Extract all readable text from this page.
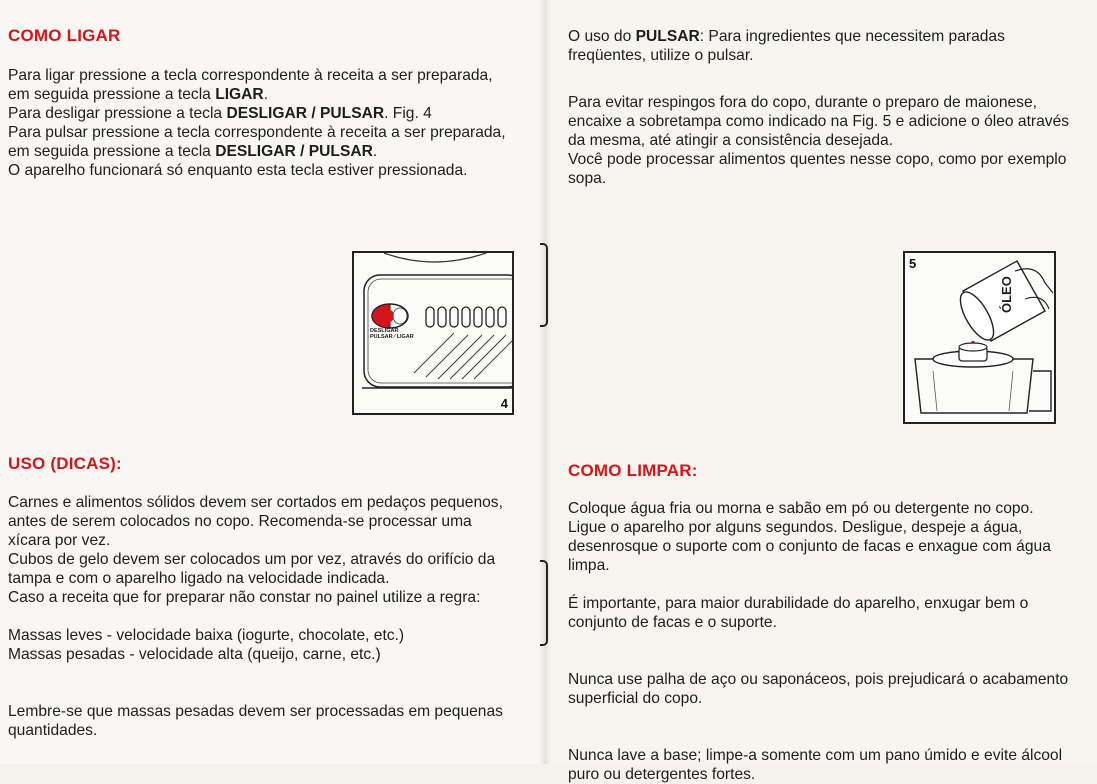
COMO LIGAR

Para ligar pressione a tecla correspondente à receita a ser preparada, em seguida pressione a tecla LIGAR.

Para desligar pressione a tecla DESLIGAR / PULSAR. Fig. 4

Para pulsar pressione a tecla correspondente à receita a ser preparada, em seguida pressione a tecla DESLIGAR / PULSAR.

O aparelho funcionará só enquanto esta tecla estiver pressionada.

DESLIGAR
PULSAR ⁄ LIGAR
4
USO (DICAS):

Carnes e alimentos sólidos devem ser cortados em pedaços pequenos, antes de serem colocados no copo. Recomenda-se processar uma xícara por vez.

Cubos de gelo devem ser colocados um por vez, através do orifício da tampa e com o aparelho ligado na velocidade indicada.

Caso a receita que for preparar não constar no painel utilize a regra:

Massas leves - velocidade baixa (iogurte, chocolate, etc.)

Massas pesadas - velocidade alta (queijo, carne, etc.)

Lembre-se que massas pesadas devem ser processadas em pequenas quantidades.

O uso do PULSAR: Para ingredientes que necessitem paradas freqüentes, utilize o pulsar.

Para evitar respingos fora do copo, durante o preparo de maionese, encaixe a sobretampa como indicado na Fig. 5 e adicione o óleo através da mesma, até atingir a consistência desejada.

Você pode processar alimentos quentes nesse copo, como por exemplo sopa.

5
ÓLEO
COMO LIMPAR:

Coloque água fria ou morna e sabão em pó ou detergente no copo. Ligue o aparelho por alguns segundos. Desligue, despeje a água, desenrosque o suporte com o conjunto de facas e enxague com água limpa.

É importante, para maior durabilidade do aparelho, enxugar bem o conjunto de facas e o suporte.

Nunca use palha de aço ou saponáceos, pois prejudicará o acabamento superficial do copo.

Nunca lave a base; limpe-a somente com um pano úmido e evite álcool puro ou detergentes fortes.
